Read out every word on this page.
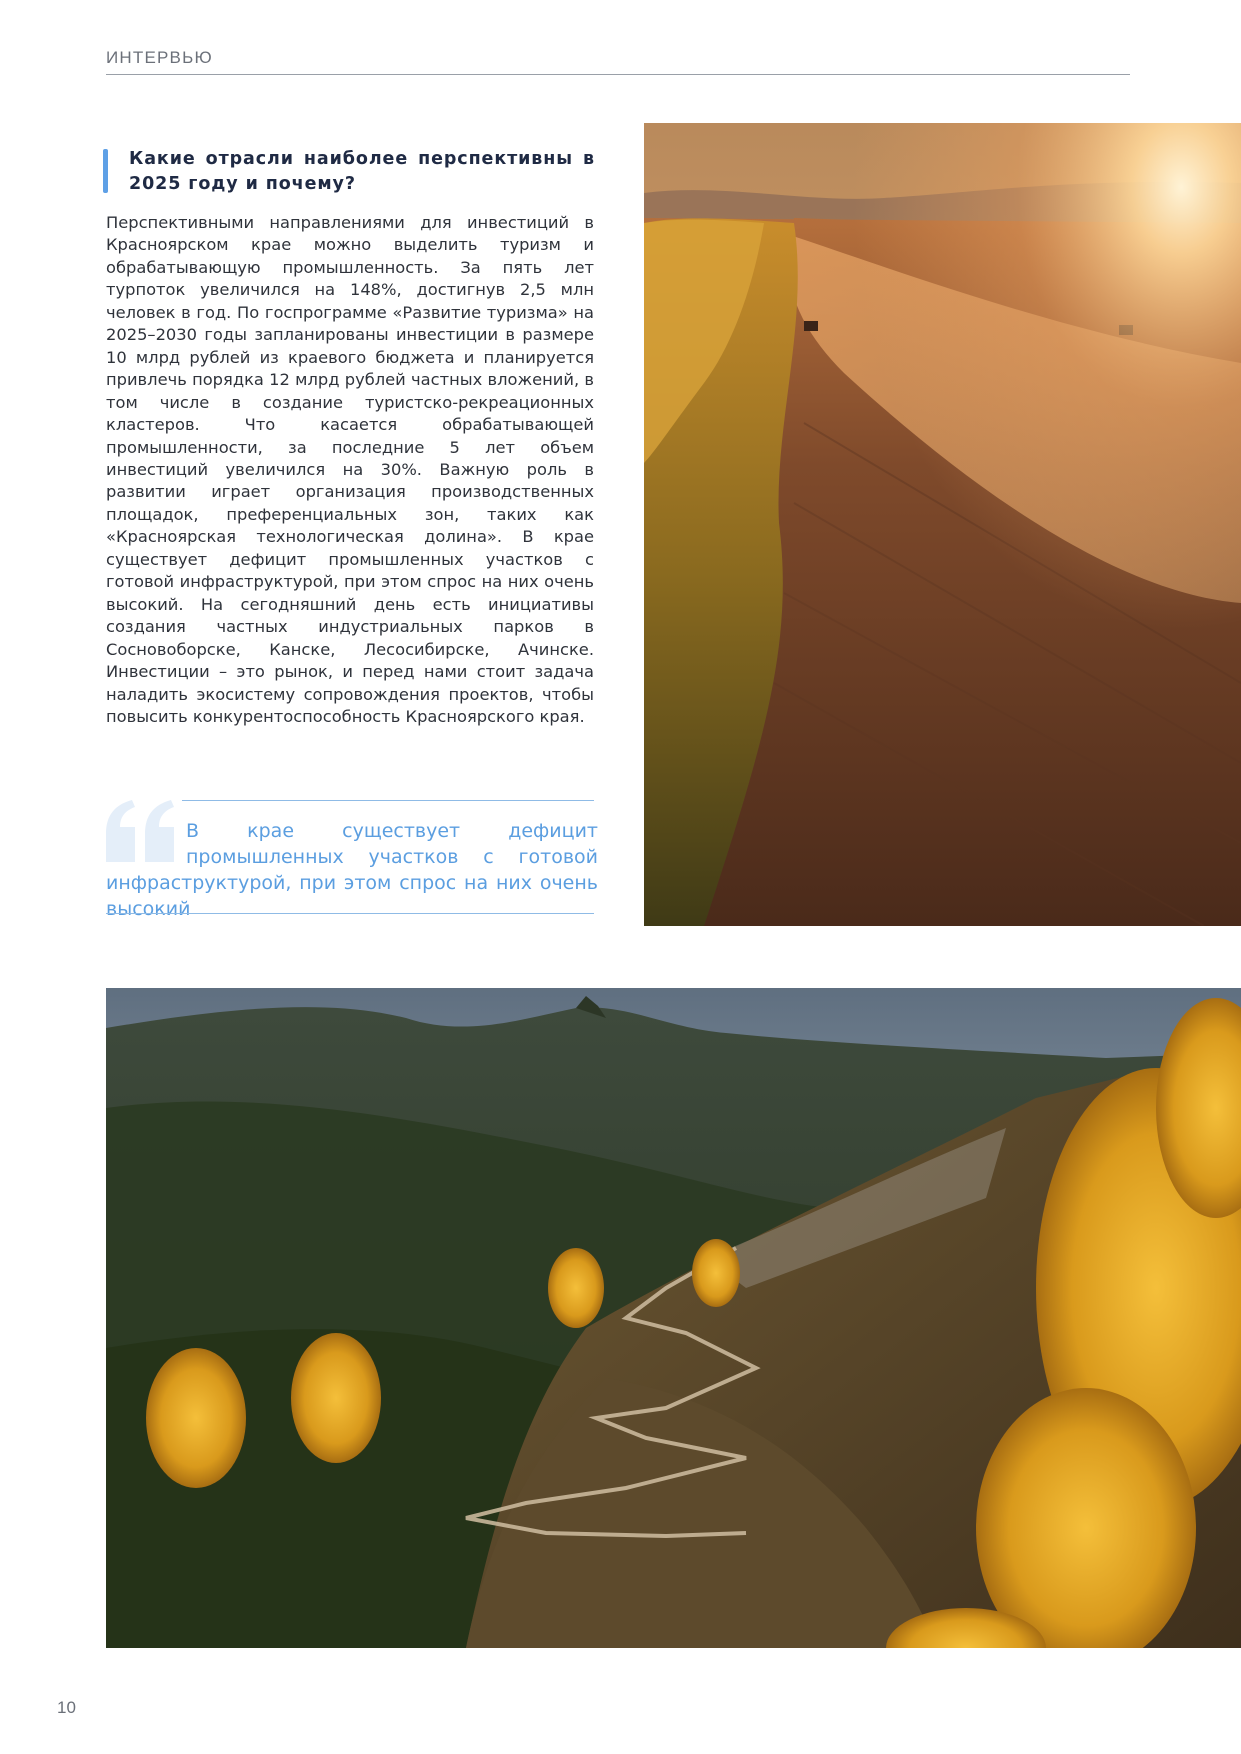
ИНТЕРВЬЮ
Какие отрасли наиболее перспективны в 2025 году и почему?

Перспективными направлениями для инвестиций в Красноярском крае можно выделить туризм и обрабатывающую промышленность. За пять лет турпоток увеличился на 148%, достигнув 2,5 млн человек в год. По госпрограмме «Развитие туризма» на 2025–2030 годы запланированы инвестиции в размере 10 млрд рублей из краевого бюджета и планируется привлечь порядка 12 млрд рублей частных вложений, в том числе в создание туристско-рекреационных кластеров. Что касается обрабатывающей промышленности, за последние 5 лет объем инвестиций увеличился на 30%. Важную роль в развитии играет организация производственных площадок, преференциальных зон, таких как «Красноярская технологическая долина». В крае существует дефицит промышленных участков с готовой инфраструктурой, при этом спрос на них очень высокий. На сегодняшний день есть инициативы создания частных индустриальных парков в Сосновоборске, Канске, Лесосибирске, Ачинске. Инвестиции – это рынок, и перед нами стоит задача наладить экосистему сопровождения проектов, чтобы повысить конкурентоспособность Красноярского края.

В крае существует дефицит промышленных участков с готовой инфраструктурой, при этом спрос на них очень высокий

10
